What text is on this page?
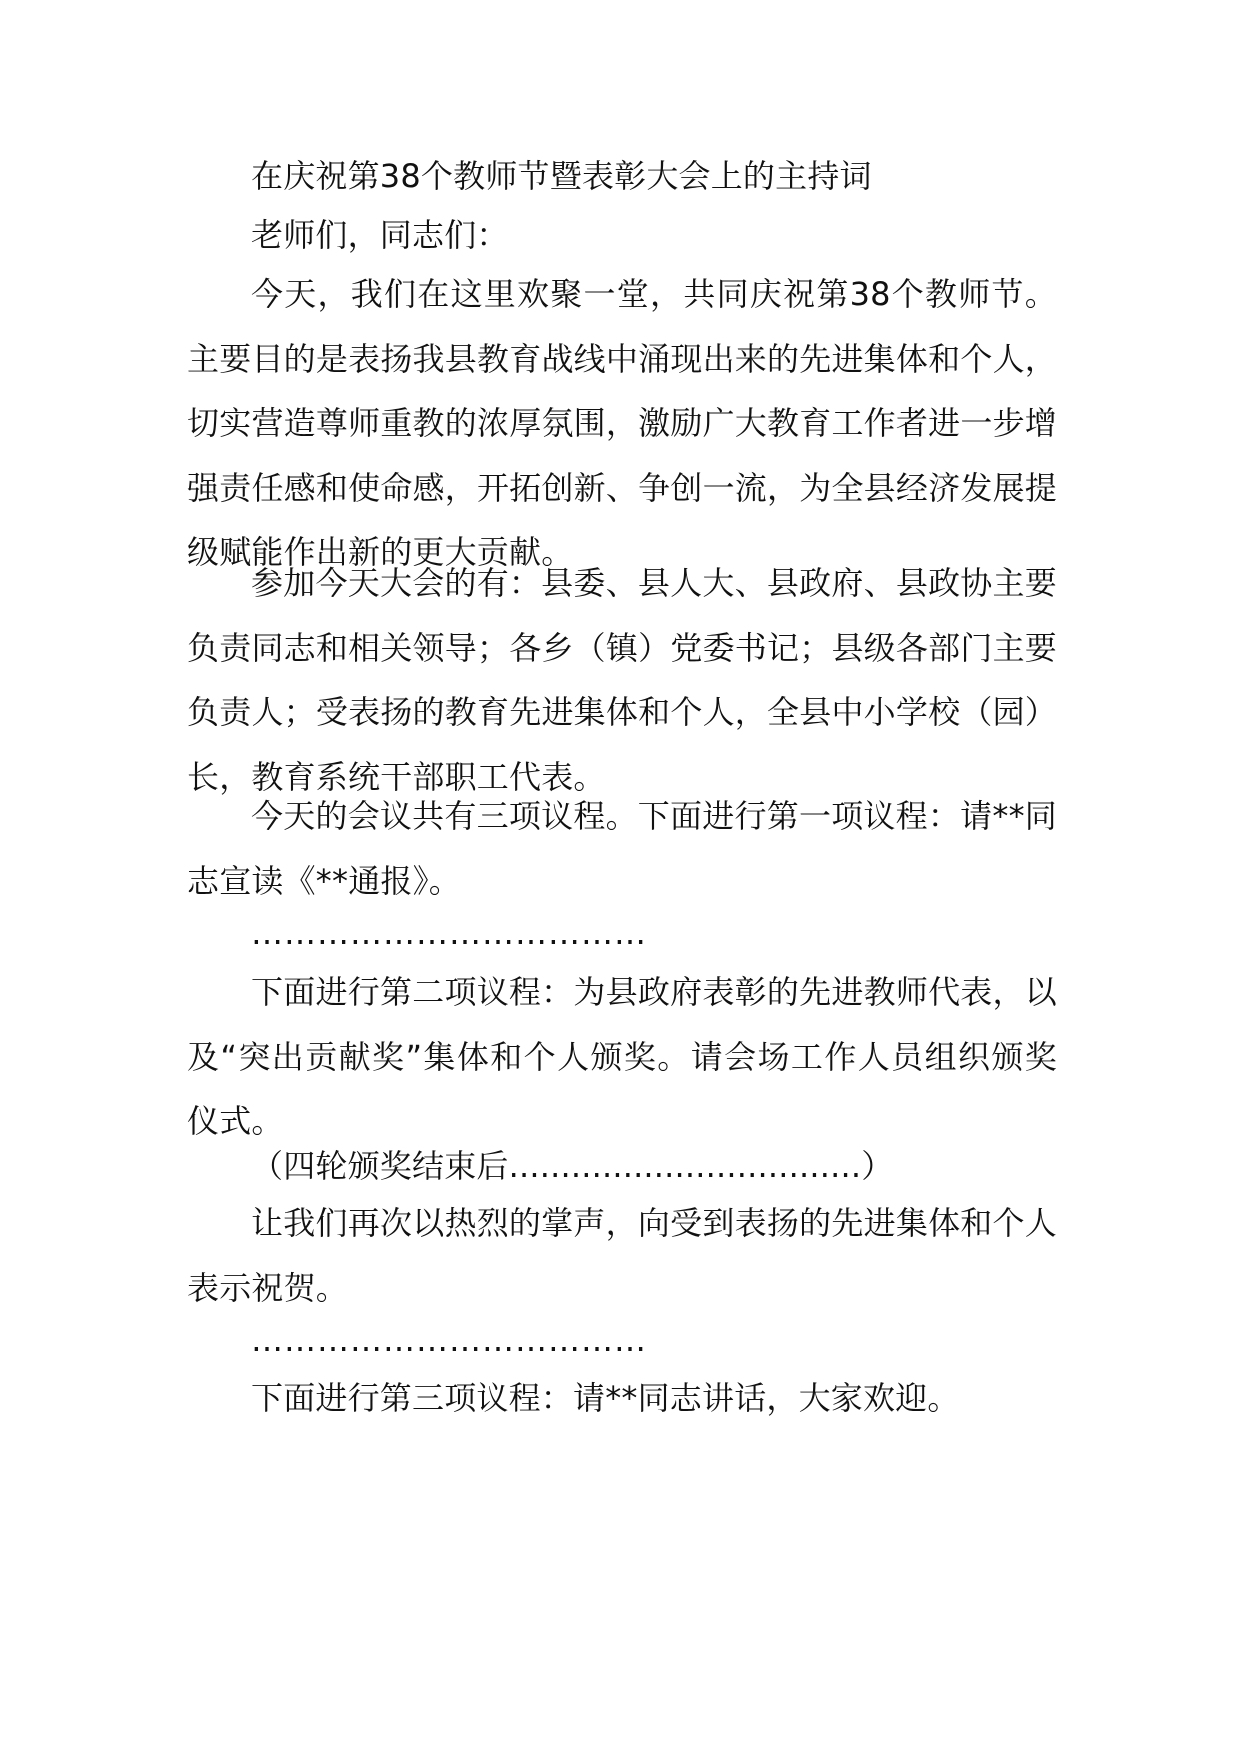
在庆祝第38个教师节暨表彰大会上的主持词

老师们，同志们：

今天，我们在这里欢聚一堂，共同庆祝第38个教师节。主要目的是表扬我县教育战线中涌现出来的先进集体和个人，切实营造尊师重教的浓厚氛围，激励广大教育工作者进一步增强责任感和使命感，开拓创新、争创一流，为全县经济发展提级赋能作出新的更大贡献。

参加今天大会的有：县委、县人大、县政府、县政协主要负责同志和相关领导；各乡（镇）党委书记；县级各部门主要负责人；受表扬的教育先进集体和个人，全县中小学校（园）长，教育系统干部职工代表。

今天的会议共有三项议程。下面进行第一项议程：请**同志宣读《**通报》。

………………………………

下面进行第二项议程：为县政府表彰的先进教师代表，以及“突出贡献奖”集体和个人颁奖。请会场工作人员组织颁奖仪式。

（四轮颁奖结束后..................................）

让我们再次以热烈的掌声，向受到表扬的先进集体和个人表示祝贺。

………………………………

下面进行第三项议程：请**同志讲话，大家欢迎。
